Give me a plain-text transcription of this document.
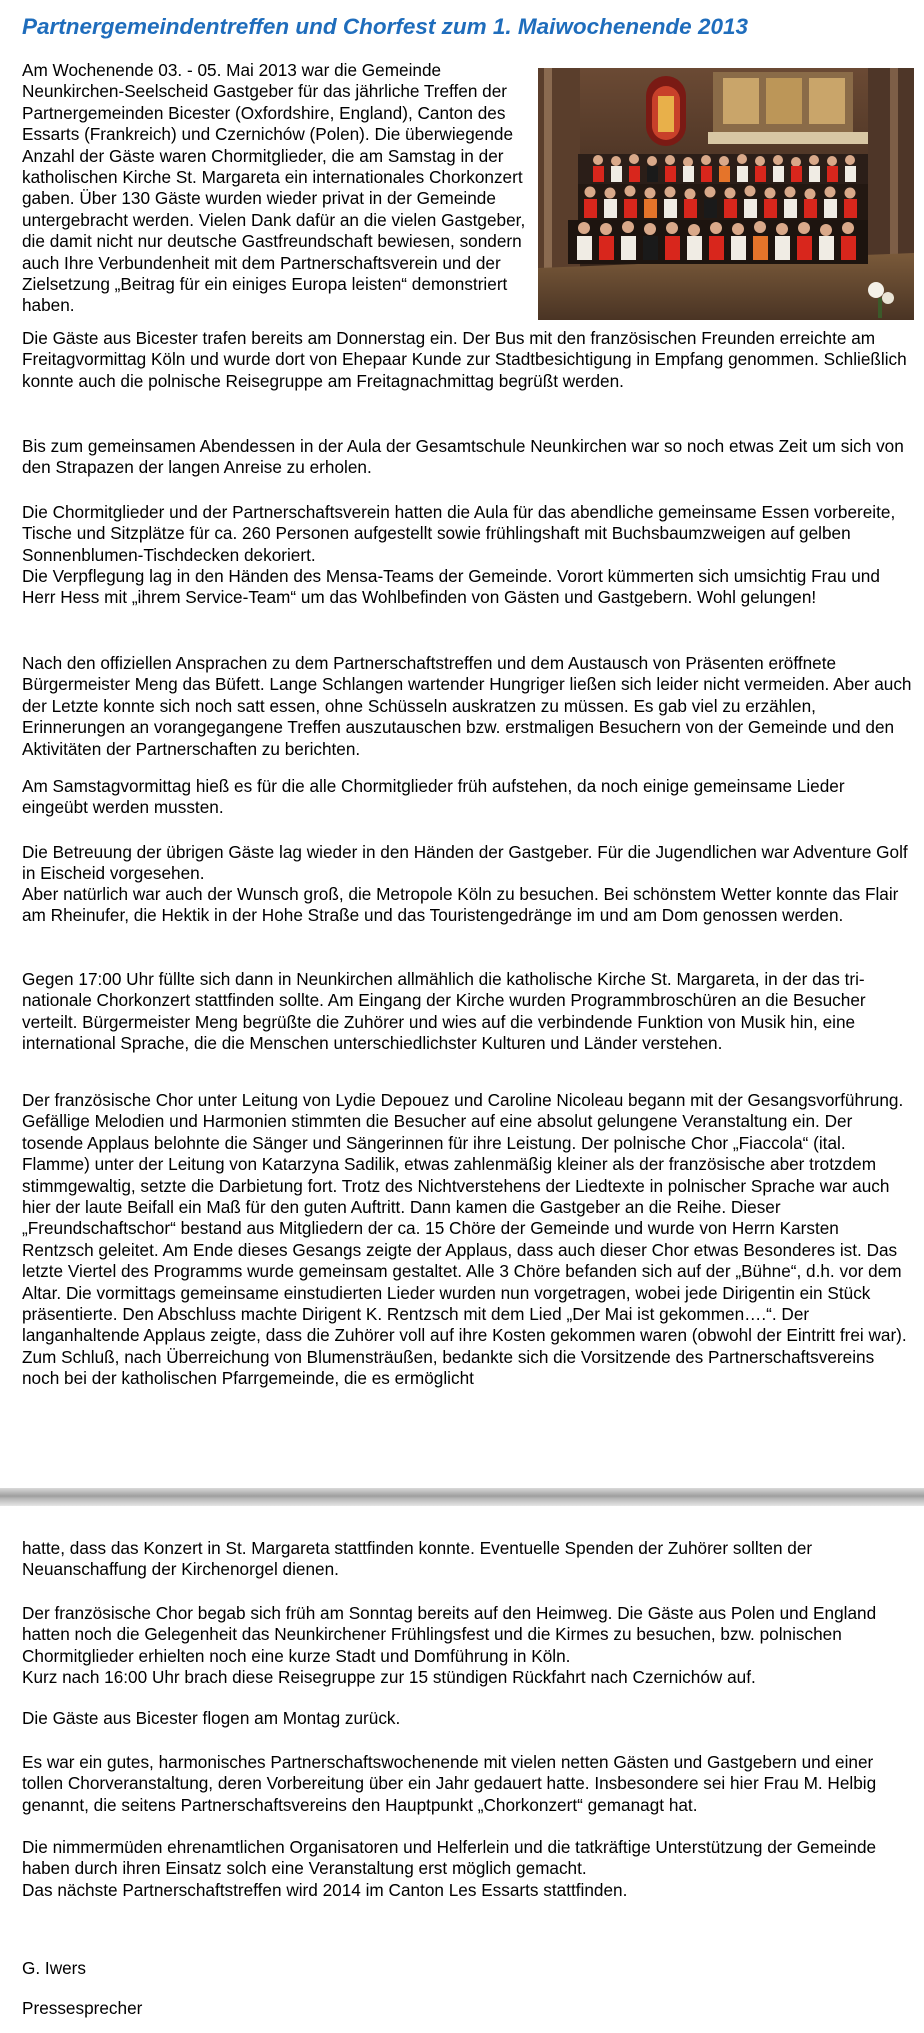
Partnergemeindentreffen und Chorfest zum 1. Maiwochenende 2013

Am Wochenende 03. - 05. Mai 2013 war die Gemeinde Neunkirchen-Seelscheid Gastgeber für das jährliche Treffen der Partnergemeinden Bicester (Oxfordshire, England), Canton des Essarts (Frankreich) und Czernichów (Polen). Die überwiegende Anzahl der Gäste waren Chormitglieder, die am Samstag in der katholischen Kirche St. Margareta ein internationales Chorkonzert gaben. Über 130 Gäste wurden wieder privat in der Gemeinde untergebracht werden. Vielen Dank dafür an die vielen Gastgeber, die damit nicht nur deutsche Gastfreundschaft bewiesen, sondern auch Ihre Verbundenheit mit dem Partnerschaftsverein und der Zielsetzung „Beitrag für ein einiges Europa leisten“ demonstriert haben.

Die Gäste aus Bicester trafen bereits am Donnerstag ein. Der Bus mit den französischen Freunden erreichte am Freitagvormittag Köln und wurde dort von Ehepaar Kunde zur Stadtbesichtigung in Empfang genommen. Schließlich konnte auch die polnische Reisegruppe am Freitagnachmittag begrüßt werden.

Bis zum gemeinsamen Abendessen in der Aula der Gesamtschule Neunkirchen war so noch etwas Zeit um sich von den Strapazen der langen Anreise zu erholen.

Die Chormitglieder und der Partnerschaftsverein hatten die Aula für das abendliche gemeinsame Essen vorbereite, Tische und Sitzplätze für ca. 260 Personen aufgestellt sowie frühlingshaft mit Buchsbaumzweigen auf gelben Sonnenblumen-Tischdecken dekoriert.

Die Verpflegung lag in den Händen des Mensa-Teams der Gemeinde. Vorort kümmerten sich umsichtig Frau und Herr Hess mit „ihrem Service-Team“ um das Wohlbefinden von Gästen und Gastgebern. Wohl gelungen!

Nach den offiziellen Ansprachen zu dem Partnerschaftstreffen und dem Austausch von Präsenten eröffnete Bürgermeister Meng das Büfett. Lange Schlangen wartender Hungriger ließen sich leider nicht vermeiden. Aber auch der Letzte konnte sich noch satt essen, ohne Schüsseln auskratzen zu müssen. Es gab viel zu erzählen, Erinnerungen an vorangegangene Treffen auszutauschen bzw. erstmaligen Besuchern von der Gemeinde und den Aktivitäten der Partnerschaften zu berichten.

Am Samstagvormittag hieß es für die alle Chormitglieder früh aufstehen, da noch einige gemeinsame Lieder eingeübt werden mussten.

Die Betreuung der übrigen Gäste lag wieder in den Händen der Gastgeber. Für die Jugendlichen war Adventure Golf in Eischeid vorgesehen.

Aber natürlich war auch der Wunsch groß, die Metropole Köln zu besuchen. Bei schönstem Wetter konnte das Flair am Rheinufer, die Hektik in der Hohe Straße und das Touristengedränge im und am Dom genossen werden.

Gegen 17:00 Uhr füllte sich dann in Neunkirchen allmählich die katholische Kirche St. Margareta, in der das tri-nationale Chorkonzert stattfinden sollte. Am Eingang der Kirche wurden Programmbroschüren an die Besucher verteilt. Bürgermeister Meng begrüßte die Zuhörer und wies auf die verbindende Funktion von Musik hin, eine international Sprache, die die Menschen unterschiedlichster Kulturen und Länder verstehen.

Der französische Chor unter Leitung von Lydie Depouez und Caroline Nicoleau begann mit der Gesangsvorführung. Gefällige Melodien und Harmonien stimmten die Besucher auf eine absolut gelungene Veranstaltung ein. Der tosende Applaus belohnte die Sänger und Sängerinnen für ihre Leistung. Der polnische Chor „Fiaccola“ (ital. Flamme) unter der Leitung von Katarzyna Sadilik, etwas zahlenmäßig kleiner als der französische aber trotzdem stimmgewaltig, setzte die Darbietung fort. Trotz des Nichtverstehens der Liedtexte in polnischer Sprache war auch hier der laute Beifall ein Maß für den guten Auftritt. Dann kamen die Gastgeber an die Reihe. Dieser „Freundschaftschor“ bestand aus Mitgliedern der ca. 15 Chöre der Gemeinde und wurde von Herrn Karsten Rentzsch geleitet. Am Ende dieses Gesangs zeigte der Applaus, dass auch dieser Chor etwas Besonderes ist. Das letzte Viertel des Programms wurde gemeinsam gestaltet. Alle 3 Chöre befanden sich auf der „Bühne“, d.h. vor dem Altar. Die vormittags gemeinsame einstudierten Lieder wurden nun vorgetragen, wobei jede Dirigentin ein Stück präsentierte. Den Abschluss machte Dirigent K. Rentzsch mit dem Lied „Der Mai ist gekommen….“. Der langanhaltende Applaus zeigte, dass die Zuhörer voll auf ihre Kosten gekommen waren (obwohl der Eintritt frei war). Zum Schluß, nach Überreichung von Blumensträußen, bedankte sich die Vorsitzende des Partnerschaftsvereins noch bei der katholischen Pfarrgemeinde, die es ermöglicht

hatte, dass das Konzert in St. Margareta stattfinden konnte. Eventuelle Spenden der Zuhörer sollten der Neuanschaffung der Kirchenorgel dienen.

Der französische Chor begab sich früh am Sonntag bereits auf den Heimweg. Die Gäste aus Polen und England hatten noch die Gelegenheit das Neunkirchener Frühlingsfest und die Kirmes zu besuchen, bzw. polnischen Chormitglieder erhielten noch eine kurze Stadt und Domführung in Köln.

Kurz nach 16:00 Uhr brach diese Reisegruppe zur 15 stündigen Rückfahrt nach Czernichów auf.

Die Gäste aus Bicester flogen am Montag zurück.

Es war ein gutes, harmonisches Partnerschaftswochenende mit vielen netten Gästen und Gastgebern und einer tollen Chorveranstaltung, deren Vorbereitung über ein Jahr gedauert hatte. Insbesondere sei hier Frau M. Helbig genannt, die seitens Partnerschaftsvereins den Hauptpunkt „Chorkonzert“ gemanagt hat.

Die nimmermüden ehrenamtlichen Organisatoren und Helferlein und die tatkräftige Unterstützung der Gemeinde haben durch ihren Einsatz solch eine Veranstaltung erst möglich gemacht.

Das nächste Partnerschaftstreffen wird 2014 im Canton Les Essarts stattfinden.

G. Iwers

Pressesprecher
